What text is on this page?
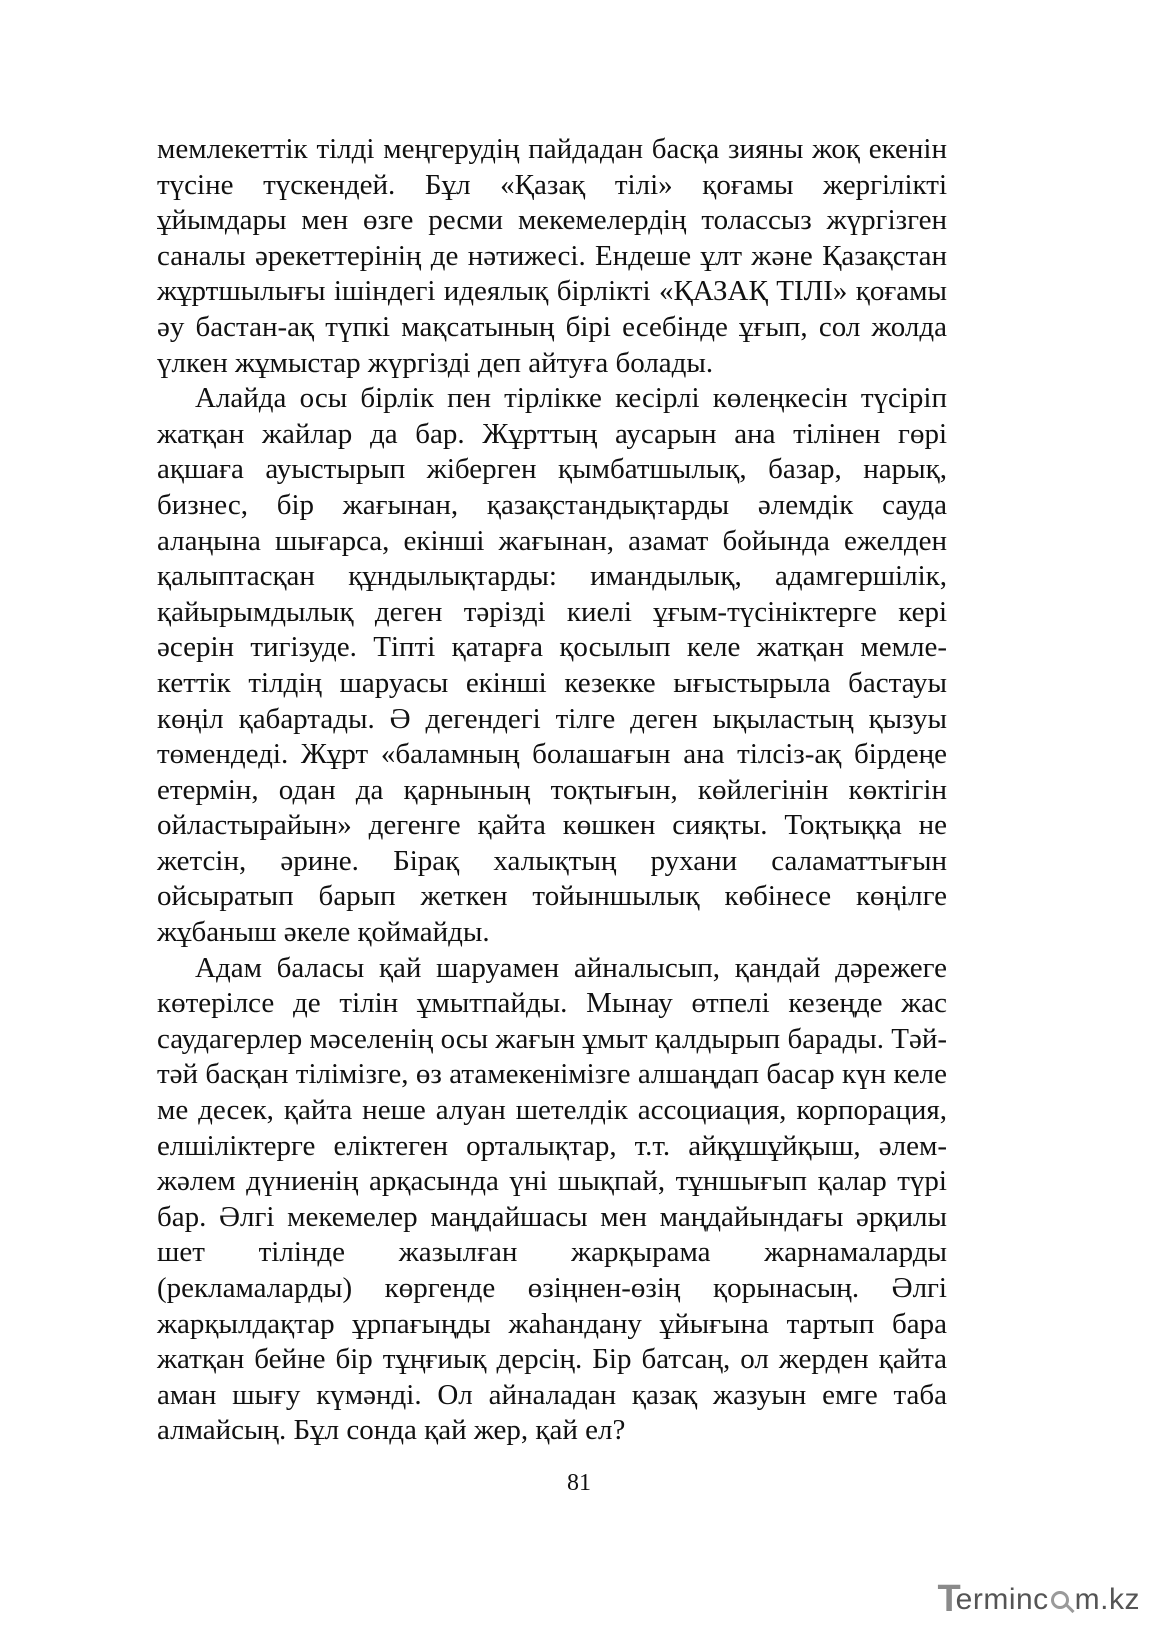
мемлекеттік тілді меңгерудің пайдадан басқа зияны жоқ екенін түсіне түскендей. Бұл «Қазақ тілі» қоғамы жергілікті ұйымдары мен өзге ресми мекемелердің толассыз жүргізген саналы әрекеттерінің де нәтижесі. Ендеше ұлт және Қазақстан жұртшылығы ішіндегі идеялық бірлікті «ҚАЗАҚ ТІЛІ» қоғамы әу бастан-ақ түпкі мақсатының бірі есебінде ұғып, сол жолда үлкен жұмыстар жүргізді деп айтуға болады.

Алайда осы бірлік пен тірлікке кесірлі көлеңкесін түсіріп жатқан жайлар да бар. Жұрттың аусарын ана тілінен гөрі ақшаға ауыстырып жіберген қымбатшылық, базар, нарық, бизнес, бір жағынан, қазақстандықтарды әлемдік сауда алаңына шығарса, екінші жағынан, азамат бойында ежелден қалыптасқан құндылықтарды: имандылық, адамгершілік, қайырымдылық деген тәрізді киелі ұғым-түсініктерге кері әсерін тигізуде. Тіпті қатарға қосылып келе жатқан мемлекеттік тілдің шаруасы екінші кезекке ығыстырыла бастауы көңіл қабартады. Ә дегендегі тілге деген ықыластың қызуы төмендеді. Жұрт «баламның болашағын ана тілсіз-ақ бірдеңе етермін, одан да қарнының тоқтығын, көйлегінін көктігін ойластырайын» дегенге қайта көшкен сияқты. Тоқтыққа не жетсін, әрине. Бірақ халықтың рухани саламаттығын ойсыратып барып жеткен тойыншылық көбінесе көңілге жұбаныш әкеле қоймайды.

Адам баласы қай шаруамен айналысып, қандай дәрежеге көтерілсе де тілін ұмытпайды. Мынау өтпелі кезеңде жас саудагерлер мәселенің осы жағын ұмыт қалдырып барады. Тәй-тәй басқан тілімізге, өз атамекенімізге алшаңдап басар күн келе ме десек, қайта неше алуан шетелдік ассоциация, корпорация, елшіліктерге еліктеген орталықтар, т.т. айқұшұйқыш, әлем-жәлем дүниенің арқасында үні шықпай, тұншығып қалар түрі бар. Әлгі мекемелер маңдайшасы мен маңдайындағы әрқилы шет тілінде жазылған жарқырама жарнамаларды (рекламаларды) көргенде өзіңнен-өзің қорынасың. Әлгі жарқылдақтар ұрпағыңды жаһандану ұйығына тартып бара жатқан бейне бір тұңғиық дерсің. Бір батсаң, ол жерден қайта аман шығу күмәнді. Ол айналадан қазақ жазуын емге таба алмайсың. Бұл сонда қай жер, қай ел?

81
T
erminc m.kz
